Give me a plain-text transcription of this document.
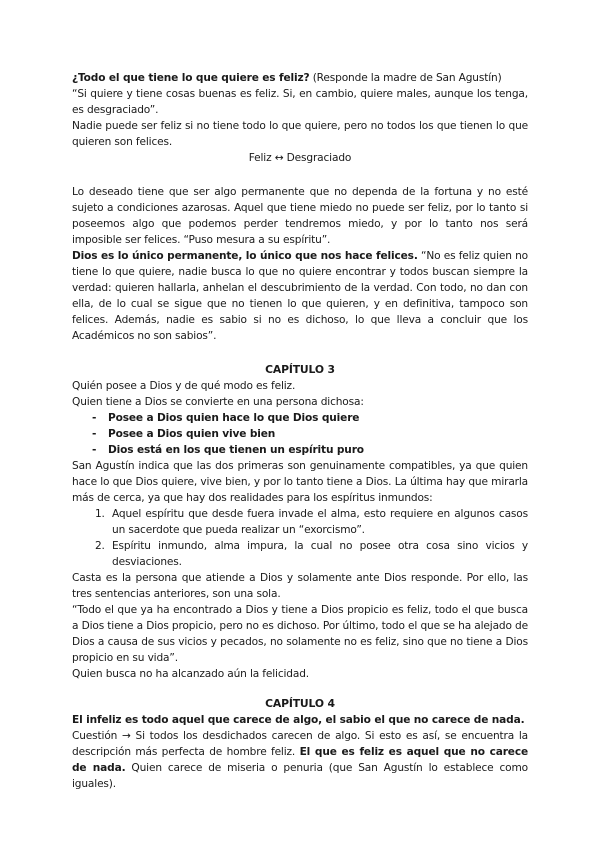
¿Todo el que tiene lo que quiere es feliz? (Responde la madre de San Agustín)

“Si quiere y tiene cosas buenas es feliz. Si, en cambio, quiere males, aunque los tenga, es desgraciado”.

Nadie puede ser feliz si no tiene todo lo que quiere, pero no todos los que tienen lo que quieren son felices.

Feliz ↔ Desgraciado

Lo deseado tiene que ser algo permanente que no dependa de la fortuna y no esté sujeto a condiciones azarosas. Aquel que tiene miedo no puede ser feliz, por lo tanto si poseemos algo que podemos perder tendremos miedo, y por lo tanto nos será imposible ser felices. “Puso mesura a su espíritu”.

Dios es lo único permanente, lo único que nos hace felices. “No es feliz quien no tiene lo que quiere, nadie busca lo que no quiere encontrar y todos buscan siempre la verdad: quieren hallarla, anhelan el descubrimiento de la verdad. Con todo, no dan con ella, de lo cual se sigue que no tienen lo que quieren, y en definitiva, tampoco son felices. Además, nadie es sabio si no es dichoso, lo que lleva a concluir que los Académicos no son sabios”.

CAPÍTULO 3

Quién posee a Dios y de qué modo es feliz.

Quien tiene a Dios se convierte en una persona dichosa:

- Posee a Dios quien hace lo que Dios quiere
- Posee a Dios quien vive bien
- Dios está en los que tienen un espíritu puro

San Agustín indica que las dos primeras son genuinamente compatibles, ya que quien hace lo que Dios quiere, vive bien, y por lo tanto tiene a Dios. La última hay que mirarla más de cerca, ya que hay dos realidades para los espíritus inmundos:

1. Aquel espíritu que desde fuera invade el alma, esto requiere en algunos casos un sacerdote que pueda realizar un “exorcismo”.
2. Espíritu inmundo, alma impura, la cual no posee otra cosa sino vicios y desviaciones.

Casta es la persona que atiende a Dios y solamente ante Dios responde. Por ello, las tres sentencias anteriores, son una sola.

“Todo el que ya ha encontrado a Dios y tiene a Dios propicio es feliz, todo el que busca a Dios tiene a Dios propicio, pero no es dichoso. Por último, todo el que se ha alejado de Dios a causa de sus vicios y pecados, no solamente no es feliz, sino que no tiene a Dios propicio en su vida”.

Quien busca no ha alcanzado aún la felicidad.

CAPÍTULO 4

El infeliz es todo aquel que carece de algo, el sabio el que no carece de nada.

Cuestión → Si todos los desdichados carecen de algo. Si esto es así, se encuentra la descripción más perfecta de hombre feliz. El que es feliz es aquel que no carece de nada. Quien carece de miseria o penuria (que San Agustín lo establece como iguales).
